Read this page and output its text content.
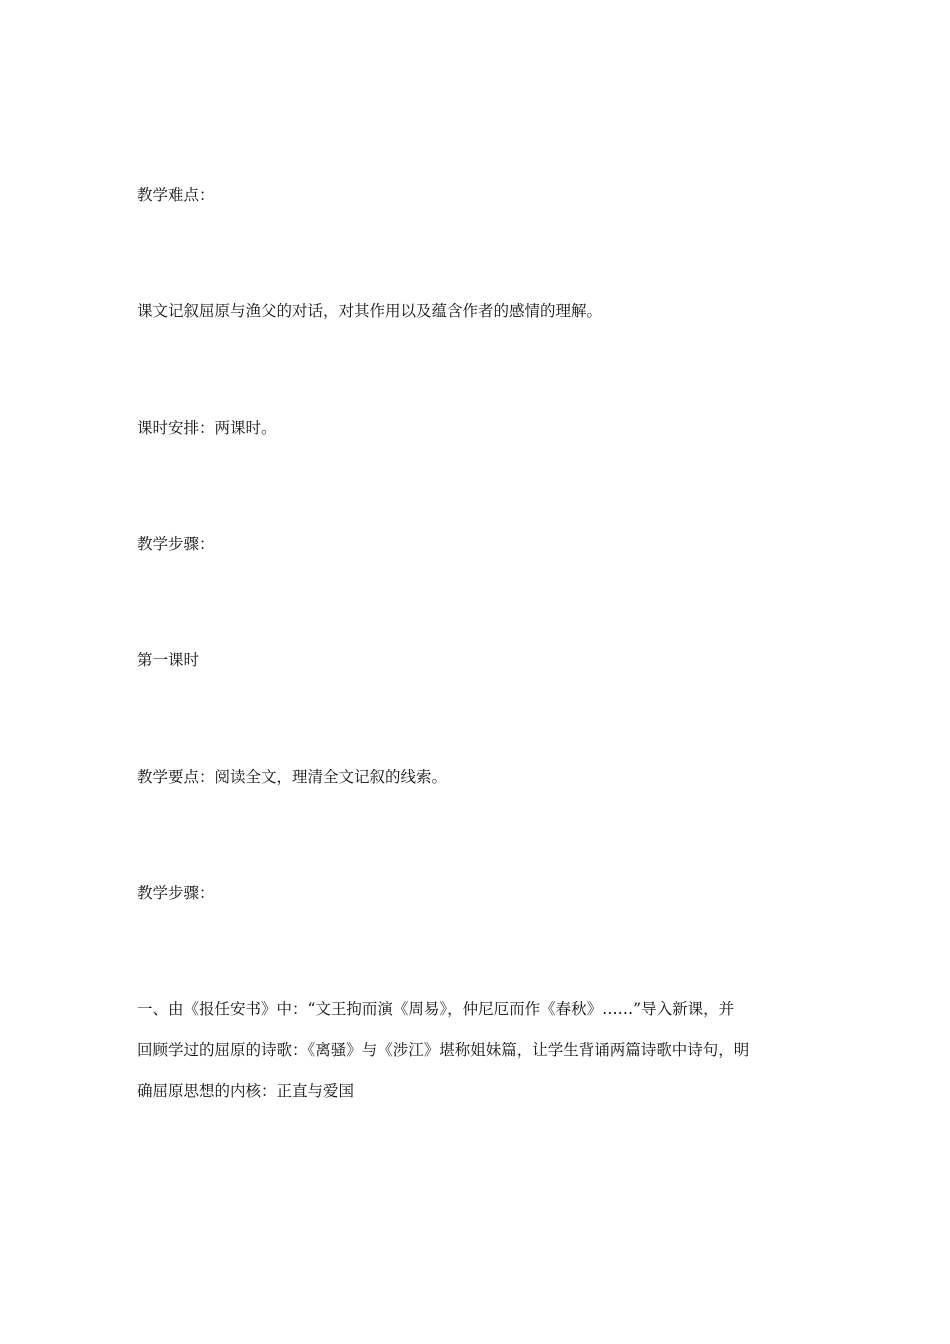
教学难点：

课文记叙屈原与渔父的对话，对其作用以及蕴含作者的感情的理解。

课时安排：两课时。

教学步骤：

第一课时

教学要点：阅读全文，理清全文记叙的线索。

教学步骤：

一、由《报任安书》中：“文王拘而演《周易》，仲尼厄而作《春秋》……”导入新课，并
回顾学过的屈原的诗歌：《离骚》与《涉江》堪称姐妹篇，让学生背诵两篇诗歌中诗句，明
确屈原思想的内核：正直与爱国
